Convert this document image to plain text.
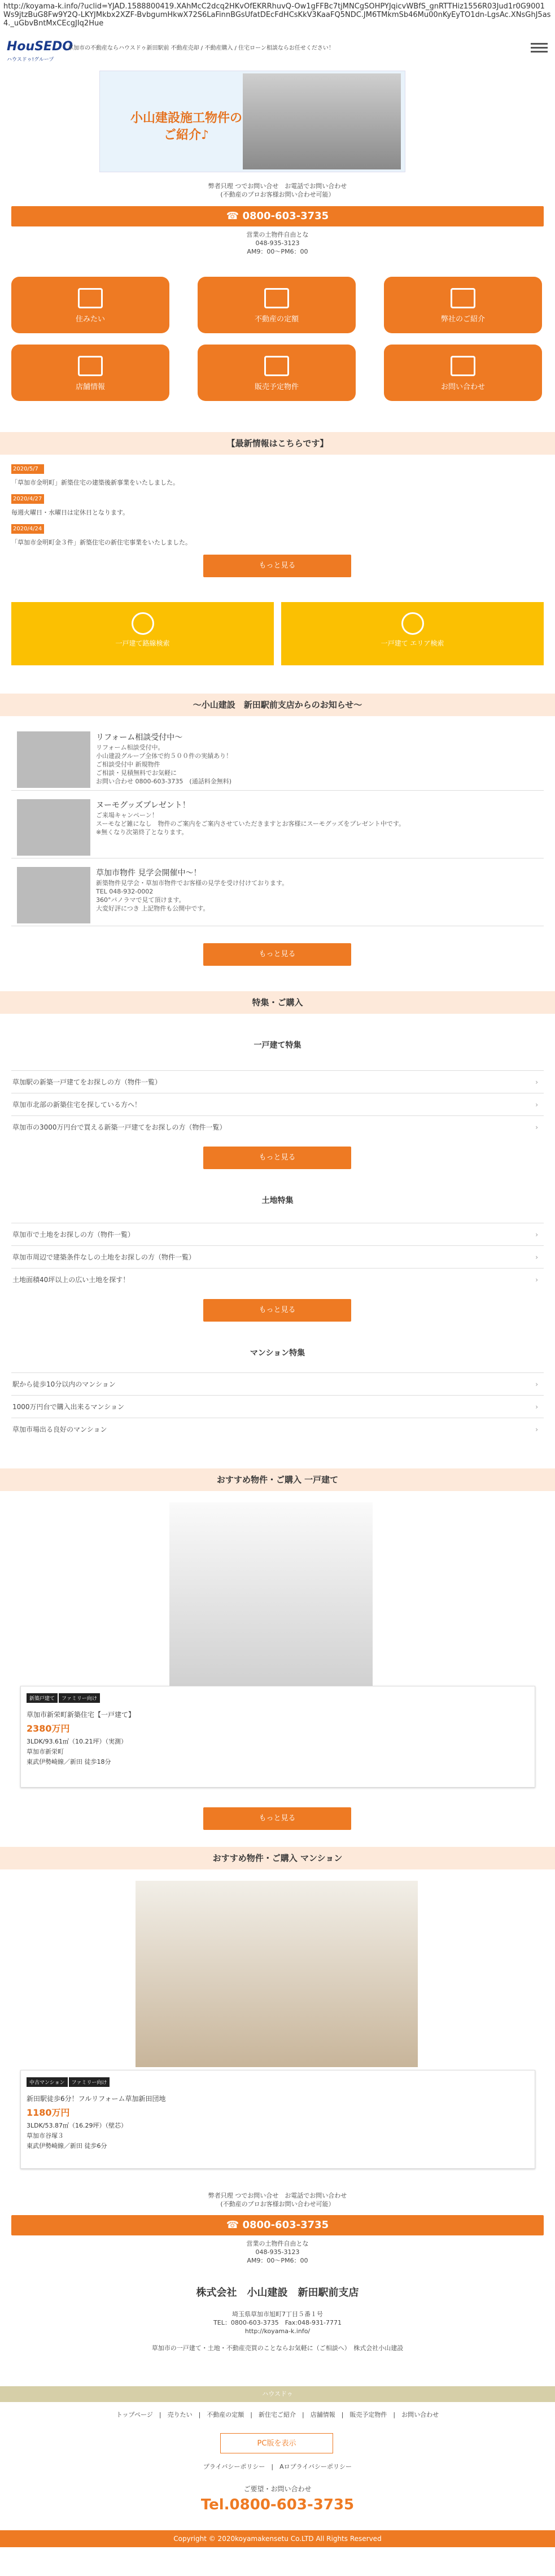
http://koyama-k.info/?uclid=YJAD.1588800419.XAhMcC2dcq2HKvOfEKRRhuvQ-Ow1gFFBc7tjMNCgSOHPYJqicvWBfS_gnRTTHiz1556R03Jud1r0G9001Ws9jtzBuG8Fw9Y2Q-LKYJMkbx2XZF-BvbgumHkwX72S6LaFinnBGsUfatDEcFdHCsKkV3KaaFQ5NDC.JM6TMkmSb46Mu00nKyEyTO1dn-LgsAc.XNsGhJ5as4._uGbvBntMxCEcgJIq2Hue
HouSEDO
ハウスドゥ!グループ
草加市の不動産ならハウスドゥ新田駅前 不動産売却 / 不動産購入 / 住宅ローン相談ならお任せください！
小山建設施工物件の
ご紹介♪
弊者只理 つでお問い合せ　お電話でお問い合わせ
(不動産のプロお客様お問い合わせ可能）
☎ 0800-603-3735
営業の土物件自由とな
048-935-3123
AM9：00～PM6：00
住みたい	不動産の定額	弊社のご紹介
店舗情報	販売予定物件	お問い合わせ
【最新情報はこちらです】
2020/5/7
「草加市金明町」新築住宅の建築後新事業をいたしました。
2020/4/27
毎週火曜日・水曜日は定休日となります。
2020/4/24
「草加市金明町金３件」新築住宅の新住宅事業をいたしました。
もっと見る
一戸建て路線検索	一戸建て エリア検索
〜小山建設　新田駅前支店からのお知らせ〜
リフォーム相談受付中〜
リフォーム相談受付中。
小山建設グループ全体で約５００件の実績あり！
ご相談受付中 新規物件
ご相談・見積無料でお気軽に
お問い合わせ 0800-603-3735　(通話料金無料)
ヌーモグッズプレゼント！
ご来場キャンペーン！
スーモなど雑になし　物件のご案内をご案内させていただきますとお客様にスーモグッズをプレゼント中です。
※無くなり次第終了となります。
草加市物件 見学会開催中〜！
新築物件見学会・草加市物件でお客様の見学を受け付けております。
TEL 048-932-0002
360°パノラマで見て頂けます。
大変好評につき 上記物件も公開中です。
もっと見る
特集・ご購入
一戸建て特集
草加駅の新築一戸建てをお探しの方（物件一覧）	›
草加市北部の新築住宅を探している方へ！	›
草加市の3000万円台で買える新築一戸建てをお探しの方（物件一覧）	›
もっと見る
土地特集
草加市で土地をお探しの方（物件一覧）	›
草加市周辺で建築条件なしの土地をお探しの方（物件一覧）	›
土地面積40坪以上の広い土地を探す！	›
もっと見る
マンション特集
駅から徒歩10分以内のマンション	›
1000万円台で購入出来るマンション	›
草加市場出る良好のマンション	›
おすすめ物件・ご購入 一戸建て
新築戸建て ファミリー向け
草加市新栄町新築住宅【一戸建て】
2380万円
3LDK/93.61㎡（10.21坪）（実測）
草加市新栄町
東武伊勢崎線／新田 徒歩18分
もっと見る
おすすめ物件・ご購入 マンション
中古マンション ファミリー向け
新田駅徒歩6分！フルリフォーム草加新田団地
1180万円
3LDK/53.87㎡（16.29坪）（壁芯）
草加市谷塚３
東武伊勢崎線／新田 徒歩6分
弊者只理 つでお問い合せ　お電話でお問い合わせ
(不動産のプロお客様お問い合わせ可能）
☎ 0800-603-3735
営業の土物件自由とな
048-935-3123
AM9：00～PM6：00
株式会社　小山建設　新田駅前支店
埼玉県草加市旭町7丁目５番１号
TEL：0800-603-3735　Fax:048-931-7771
http://koyama-k.info/
草加市の一戸建て・土地・不動産売買のことならお気軽に（ご相談へ）　株式会社小山建設
ハウスドゥ
トップページ　|　売りたい　|　不動産の定額　|　新住宅ご紹介　|　店舗情報　|　販売予定物件　|　お問い合わせ
PC版を表示
プライバシーポリシー　|　Aロプライバシーポリシー
ご要望・お問い合わせ
Tel.0800-603-3735
Copyright © 2020koyamakensetu Co.LTD All Rights Reserved
